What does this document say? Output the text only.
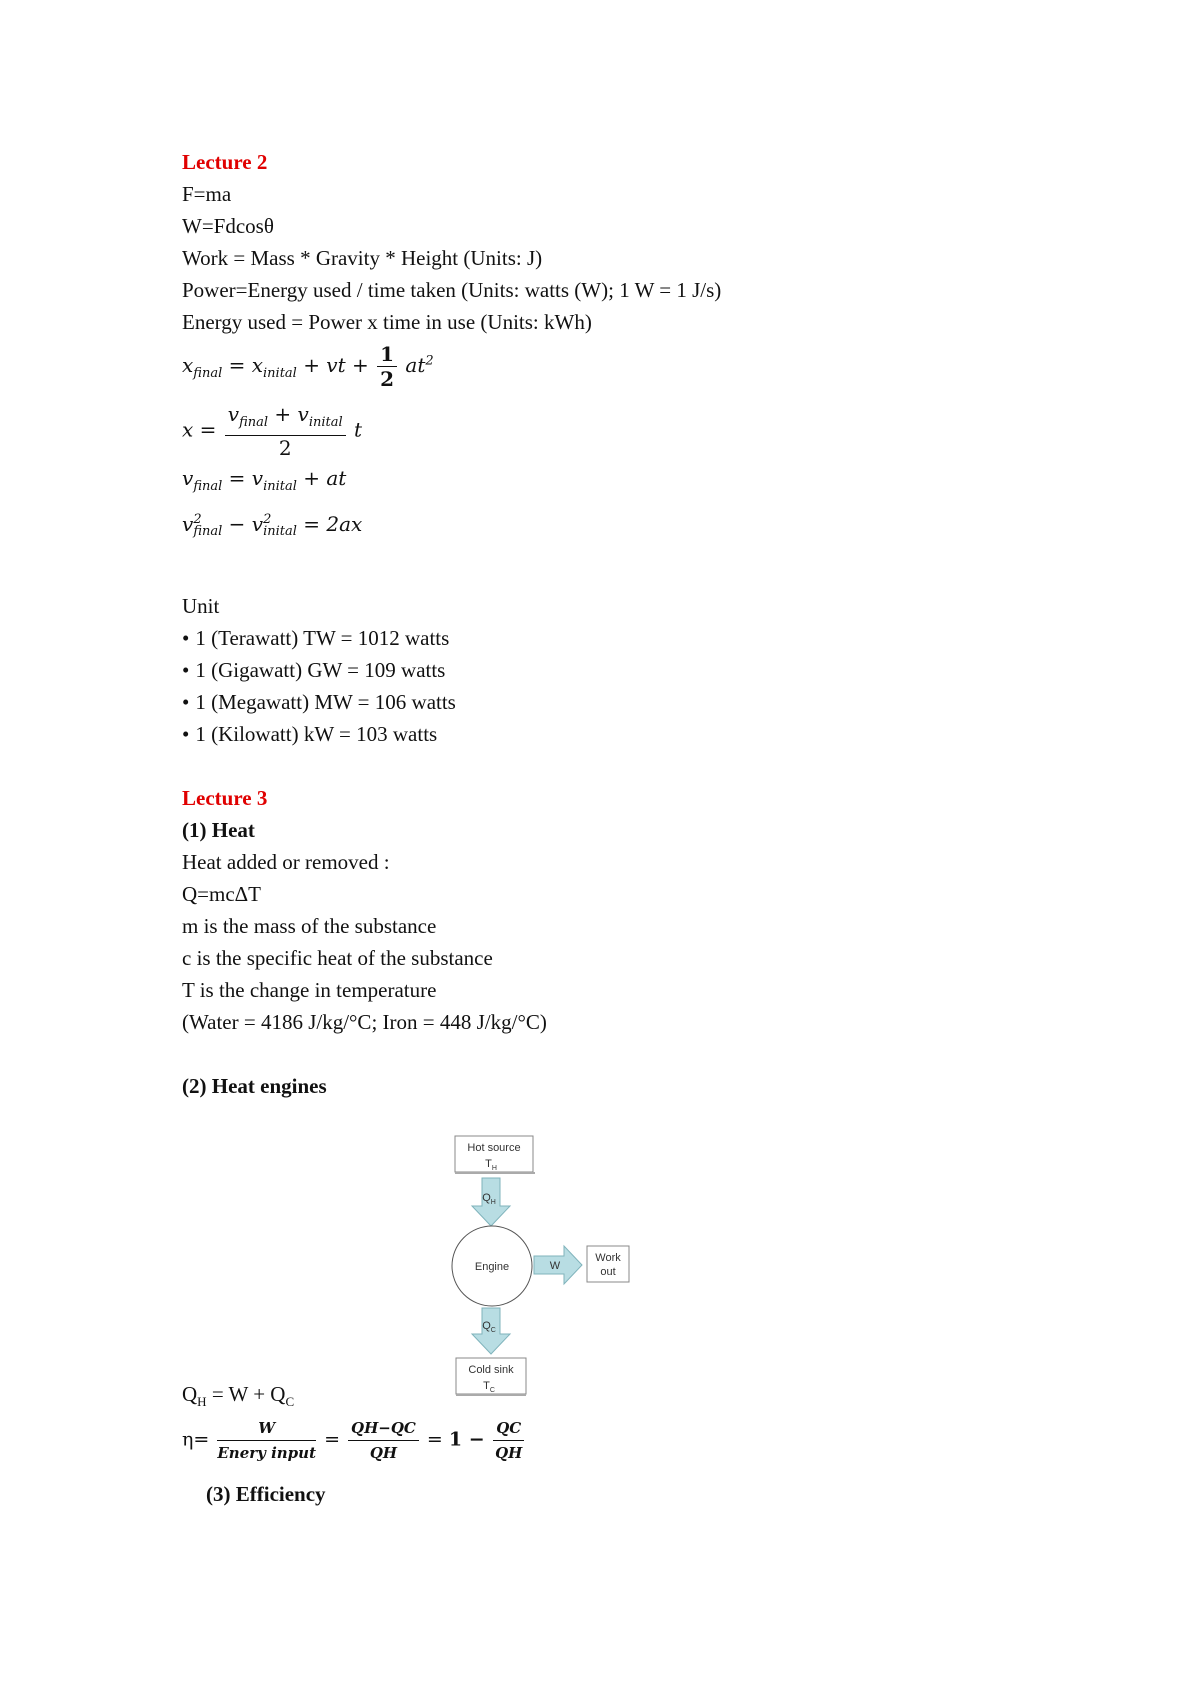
Lecture 2
F=ma
W=Fdcosθ
Work = Mass * Gravity * Height (Units: J)
Power=Energy used / time taken (Units: watts (W); 1 W = 1 J/s)
Energy used = Power x time in use (Units: kWh)
$x_{final} = x_{inital}$ + vt + $\frac{1}{2} at^2$
$x = \frac{v_{final} + v_{inital}}{2}$ t
$v_{final} = v_{inital}$ + at
v 2
final − v 2
inital = 2ax
Unit
• 1 (Terawatt) TW = 1012 watts
• 1 (Gigawatt) GW = 109 watts
• 1 (Megawatt) MW = 106 watts
• 1 (Kilowatt) kW = 103 watts
Lecture 3
(1) Heat
Heat added or removed :
Q=mcΔT
m is the mass of the substance
c is the specific heat of the substance
T is the change in temperature
(Water = 4186 J/kg/°C; Iron = 448 J/kg/°C)
(2) Heat engines
Hot source
$T_H$
$Q_H$
Engine	W
Work
out
$Q_C$
Cold sink
$T_C$
$Q_H = W + Q_C$
$\eta= \frac{W}{\text{Enery input}} = \frac{QH-QC}{QH} = 1 - \frac{QC}{QH}$
(3) Efficiency
